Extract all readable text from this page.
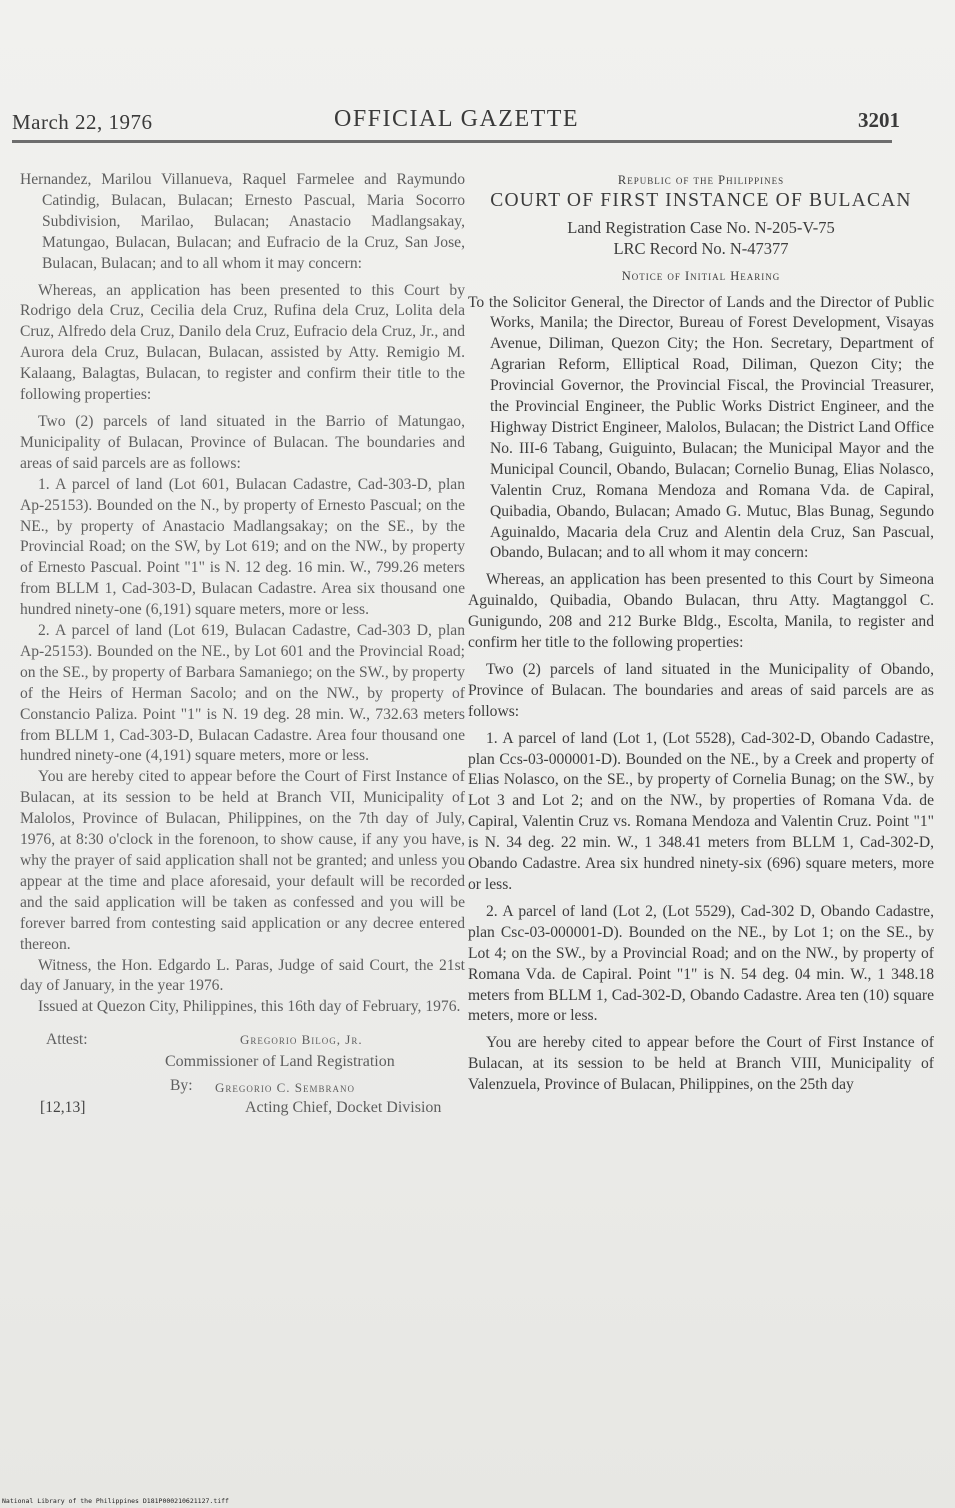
March 22, 1976	OFFICIAL GAZETTE	3201

Hernandez, Marilou Villanueva, Raquel Farmelee and Raymundo Catindig, Bulacan, Bulacan; Ernesto Pascual, Maria Socorro Subdivision, Marilao, Bulacan; Anastacio Madlangsakay, Matungao, Bulacan, Bulacan; and Eufracio de la Cruz, San Jose, Bulacan, Bulacan; and to all whom it may concern:

Whereas, an application has been presented to this Court by Rodrigo dela Cruz, Cecilia dela Cruz, Rufina dela Cruz, Lolita dela Cruz, Alfredo dela Cruz, Danilo dela Cruz, Eufracio dela Cruz, Jr., and Aurora dela Cruz, Bulacan, Bulacan, assisted by Atty. Remigio M. Kalaang, Balagtas, Bulacan, to register and confirm their title to the following properties:

Two (2) parcels of land situated in the Barrio of Matungao, Municipality of Bulacan, Province of Bulacan. The boundaries and areas of said parcels are as follows:

1. A parcel of land (Lot 601, Bulacan Cadastre, Cad-303-D, plan Ap-25153). Bounded on the N., by property of Ernesto Pascual; on the NE., by property of Anastacio Madlangsakay; on the SE., by the Provincial Road; on the SW, by Lot 619; and on the NW., by property of Ernesto Pascual. Point "1" is N. 12 deg. 16 min. W., 799.26 meters from BLLM 1, Cad-303-D, Bulacan Cadastre. Area six thousand one hundred ninety-one (6,191) square meters, more or less.

2. A parcel of land (Lot 619, Bulacan Cadastre, Cad-303 D, plan Ap-25153). Bounded on the NE., by Lot 601 and the Provincial Road; on the SE., by property of Barbara Samaniego; on the SW., by property of the Heirs of Herman Sacolo; and on the NW., by property of Constancio Paliza. Point "1" is N. 19 deg. 28 min. W., 732.63 meters from BLLM 1, Cad-303-D, Bulacan Cadastre. Area four thousand one hundred ninety-one (4,191) square meters, more or less.

You are hereby cited to appear before the Court of First Instance of Bulacan, at its session to be held at Branch VII, Municipality of Malolos, Province of Bulacan, Philippines, on the 7th day of July, 1976, at 8:30 o'clock in the forenoon, to show cause, if any you have, why the prayer of said application shall not be granted; and unless you appear at the time and place aforesaid, your default will be recorded and the said application will be taken as confessed and you will be forever barred from contesting said application or any decree entered thereon.

Witness, the Hon. Edgardo L. Paras, Judge of said Court, the 21st day of January, in the year 1976.

Issued at Quezon City, Philippines, this 16th day of February, 1976.

Attest:	Gregorio Bilog, Jr.
Commissioner of Land Registration
By: Gregorio C. Sembrano
[12,13]	Acting Chief, Docket Division

Republic of the Philippines

COURT OF FIRST INSTANCE OF BULACAN

Land Registration Case No. N-205-V-75

LRC Record No. N-47377

Notice of Initial Hearing

To the Solicitor General, the Director of Lands and the Director of Public Works, Manila; the Director, Bureau of Forest Development, Visayas Avenue, Diliman, Quezon City; the Hon. Secretary, Department of Agrarian Reform, Elliptical Road, Diliman, Quezon City; the Provincial Governor, the Provincial Fiscal, the Provincial Treasurer, the Provincial Engineer, the Public Works District Engineer, and the Highway District Engineer, Malolos, Bulacan; the District Land Office No. III-6 Tabang, Guiguinto, Bulacan; the Municipal Mayor and the Municipal Council, Obando, Bulacan; Cornelio Bunag, Elias Nolasco, Valentin Cruz, Romana Mendoza and Romana Vda. de Capiral, Quibadia, Obando, Bulacan; Amado G. Mutuc, Blas Bunag, Segundo Aguinaldo, Macaria dela Cruz and Alentin dela Cruz, San Pascual, Obando, Bulacan; and to all whom it may concern:

Whereas, an application has been presented to this Court by Simeona Aguinaldo, Quibadia, Obando Bulacan, thru Atty. Magtanggol C. Gunigundo, 208 and 212 Burke Bldg., Escolta, Manila, to register and confirm her title to the following properties:

Two (2) parcels of land situated in the Municipality of Obando, Province of Bulacan. The boundaries and areas of said parcels are as follows:

1. A parcel of land (Lot 1, (Lot 5528), Cad-302-D, Obando Cadastre, plan Ccs-03-000001-D). Bounded on the NE., by a Creek and property of Elias Nolasco, on the SE., by property of Cornelia Bunag; on the SW., by Lot 3 and Lot 2; and on the NW., by properties of Romana Vda. de Capiral, Valentin Cruz vs. Romana Mendoza and Valentin Cruz. Point "1" is N. 34 deg. 22 min. W., 1 348.41 meters from BLLM 1, Cad-302-D, Obando Cadastre. Area six hundred ninety-six (696) square meters, more or less.

2. A parcel of land (Lot 2, (Lot 5529), Cad-302 D, Obando Cadastre, plan Csc-03-000001-D). Bounded on the NE., by Lot 1; on the SE., by Lot 4; on the SW., by a Provincial Road; and on the NW., by property of Romana Vda. de Capiral. Point "1" is N. 54 deg. 04 min. W., 1 348.18 meters from BLLM 1, Cad-302-D, Obando Cadastre. Area ten (10) square meters, more or less.

You are hereby cited to appear before the Court of First Instance of Bulacan, at its session to be held at Branch VIII, Municipality of Valenzuela, Province of Bulacan, Philippines, on the 25th day

National Library of the Philippines D181P000210621127.tiff
